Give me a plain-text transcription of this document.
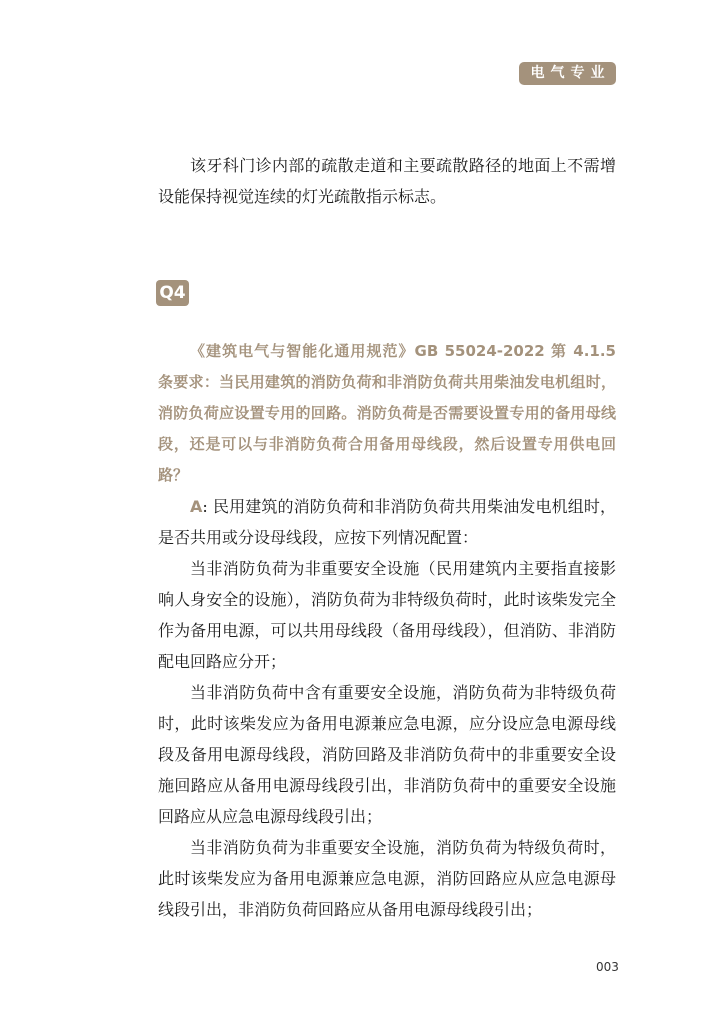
电气专业

该牙科门诊内部的疏散走道和主要疏散路径的地面上不需增设能保持视觉连续的灯光疏散指示标志。

Q4

《建筑电气与智能化通用规范》GB 55024-2022 第 4.1.5 条要求：当民用建筑的消防负荷和非消防负荷共用柴油发电机组时，消防负荷应设置专用的回路。消防负荷是否需要设置专用的备用母线段，还是可以与非消防负荷合用备用母线段，然后设置专用供电回路？

A: 民用建筑的消防负荷和非消防负荷共用柴油发电机组时，是否共用或分设母线段，应按下列情况配置：

当非消防负荷为非重要安全设施（民用建筑内主要指直接影响人身安全的设施），消防负荷为非特级负荷时，此时该柴发完全作为备用电源，可以共用母线段（备用母线段），但消防、非消防配电回路应分开；

当非消防负荷中含有重要安全设施，消防负荷为非特级负荷时，此时该柴发应为备用电源兼应急电源，应分设应急电源母线段及备用电源母线段，消防回路及非消防负荷中的非重要安全设施回路应从备用电源母线段引出，非消防负荷中的重要安全设施回路应从应急电源母线段引出；

当非消防负荷为非重要安全设施，消防负荷为特级负荷时，此时该柴发应为备用电源兼应急电源，消防回路应从应急电源母线段引出，非消防负荷回路应从备用电源母线段引出；

003
